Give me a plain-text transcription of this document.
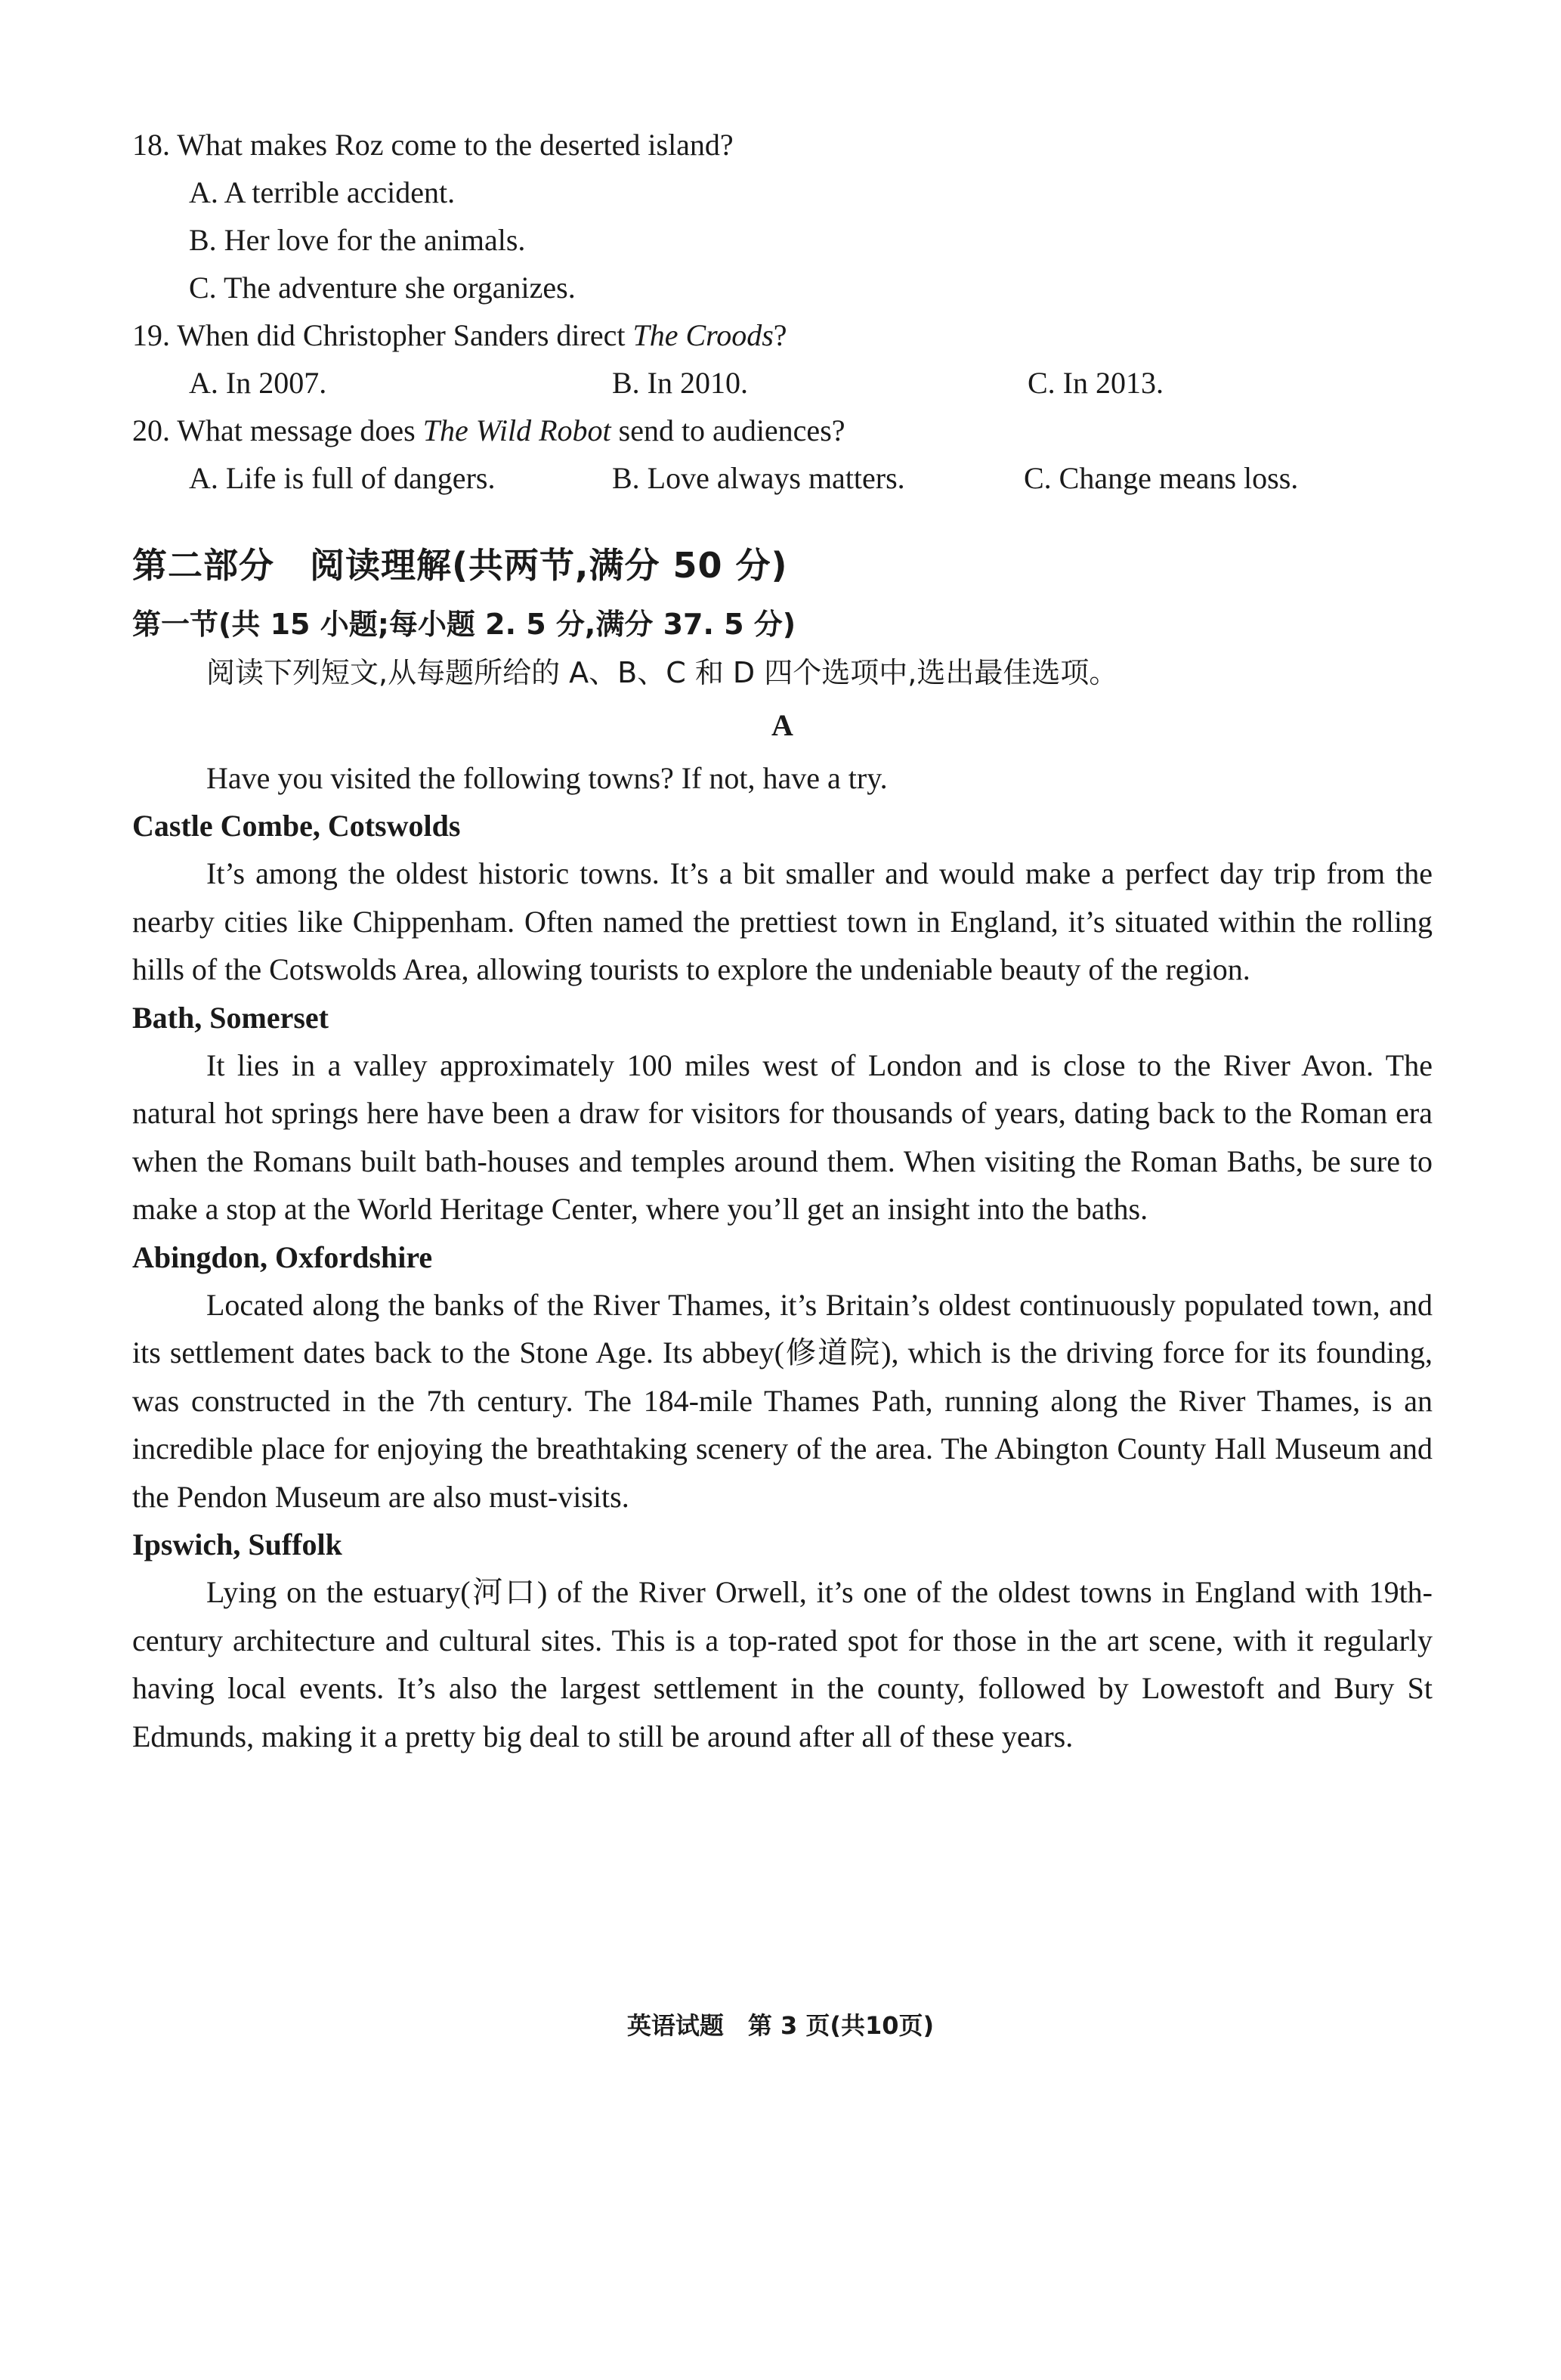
18. What makes Roz come to the deserted island?

A. A terrible accident.

B. Her love for the animals.

C. The adventure she organizes.

19. When did Christopher Sanders direct The Croods?

A. In 2007.	B. In 2010.	C. In 2013.

20. What message does The Wild Robot send to audiences?

A. Life is full of dangers.	B. Love always matters.	C. Change means loss.
第二部分　阅读理解(共两节,满分 50 分)
第一节(共 15 小题;每小题 2. 5 分,满分 37. 5 分)
阅读下列短文,从每题所给的 A、B、C 和 D 四个选项中,选出最佳选项。
A

Have you visited the following towns? If not, have a try.

Castle Combe, Cotswolds

It’s among the oldest historic towns. It’s a bit smaller and would make a perfect day trip from the nearby cities like Chippenham. Often named the prettiest town in England, it’s situated within the rolling hills of the Cotswolds Area, allowing tourists to explore the undeniable beauty of the region.

Bath, Somerset

It lies in a valley approximately 100 miles west of London and is close to the River Avon. The natural hot springs here have been a draw for visitors for thousands of years, dating back to the Roman era when the Romans built bath-houses and temples around them. When visiting the Roman Baths, be sure to make a stop at the World Heritage Center, where you’ll get an insight into the baths.

Abingdon, Oxfordshire

Located along the banks of the River Thames, it’s Britain’s oldest continuously populated town, and its settlement dates back to the Stone Age. Its abbey(修道院), which is the driving force for its founding, was constructed in the 7th century. The 184-mile Thames Path, running along the River Thames, is an incredible place for enjoying the breathtaking scenery of the area. The Abington County Hall Museum and the Pendon Museum are also must-visits.

Ipswich, Suffolk

Lying on the estuary(河口) of the River Orwell, it’s one of the oldest towns in England with 19th-century architecture and cultural sites. This is a top-rated spot for those in the art scene, with it regularly having local events. It’s also the largest settlement in the county, followed by Lowestoft and Bury St Edmunds, making it a pretty big deal to still be around after all of these years.

英语试题　第 3 页(共10页)
